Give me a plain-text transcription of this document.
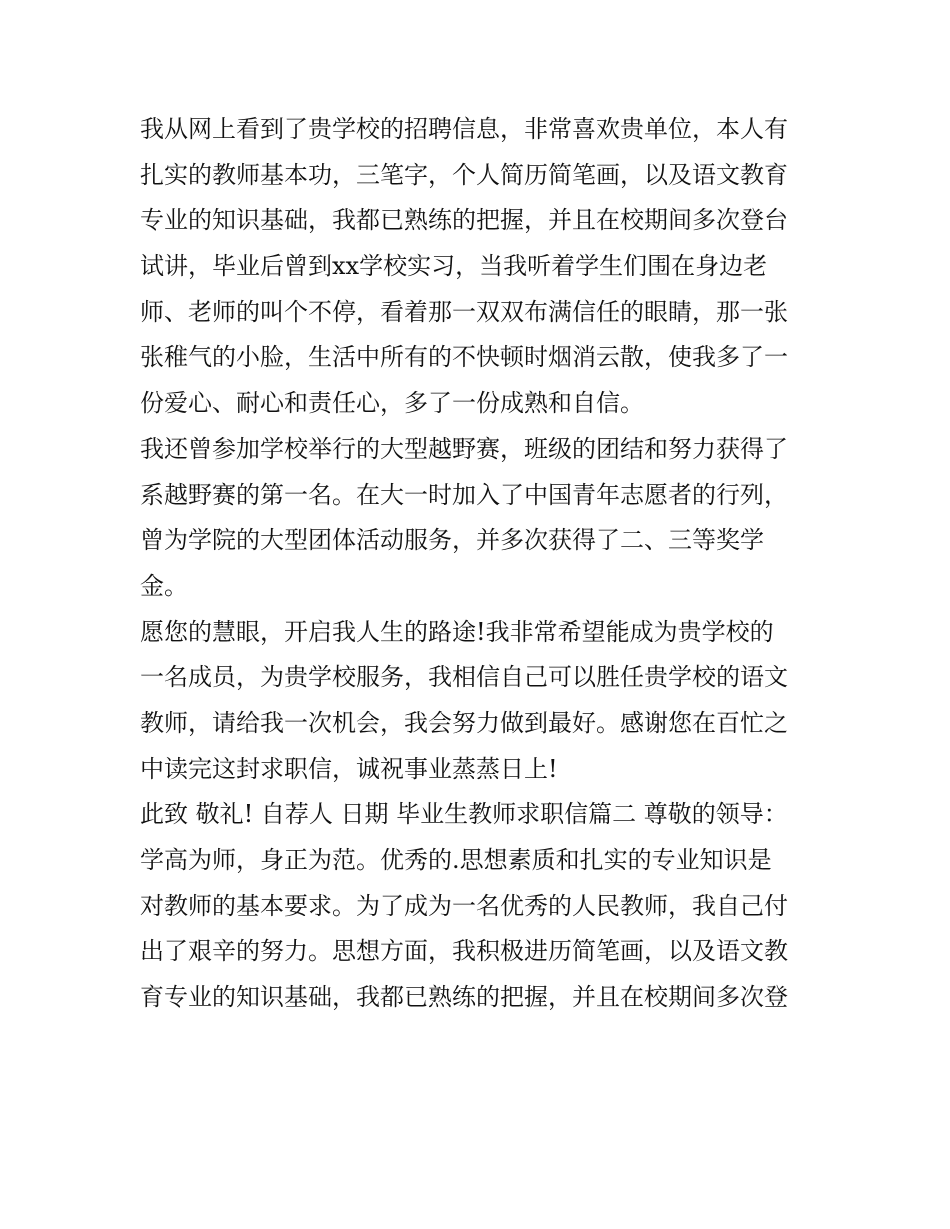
我从网上看到了贵学校的招聘信息，非常喜欢贵单位，本人有
扎实的教师基本功，三笔字，个人简历简笔画，以及语文教育
专业的知识基础，我都已熟练的把握，并且在校期间多次登台
试讲，毕业后曾到xx学校实习，当我听着学生们围在身边老
师、老师的叫个不停，看着那一双双布满信任的眼睛，那一张
张稚气的小脸，生活中所有的不快顿时烟消云散，使我多了一
份爱心、耐心和责任心，多了一份成熟和自信。
我还曾参加学校举行的大型越野赛，班级的团结和努力获得了
系越野赛的第一名。在大一时加入了中国青年志愿者的行列，
曾为学院的大型团体活动服务，并多次获得了二、三等奖学
金。
愿您的慧眼，开启我人生的路途!我非常希望能成为贵学校的
一名成员，为贵学校服务，我相信自己可以胜任贵学校的语文
教师，请给我一次机会，我会努力做到最好。感谢您在百忙之
中读完这封求职信，诚祝事业蒸蒸日上!
此致 敬礼! 自荐人 日期 毕业生教师求职信篇二 尊敬的领导：
学高为师，身正为范。优秀的.思想素质和扎实的专业知识是
对教师的基本要求。为了成为一名优秀的人民教师，我自己付
出了艰辛的努力。思想方面，我积极进历简笔画，以及语文教
育专业的知识基础，我都已熟练的把握，并且在校期间多次登
